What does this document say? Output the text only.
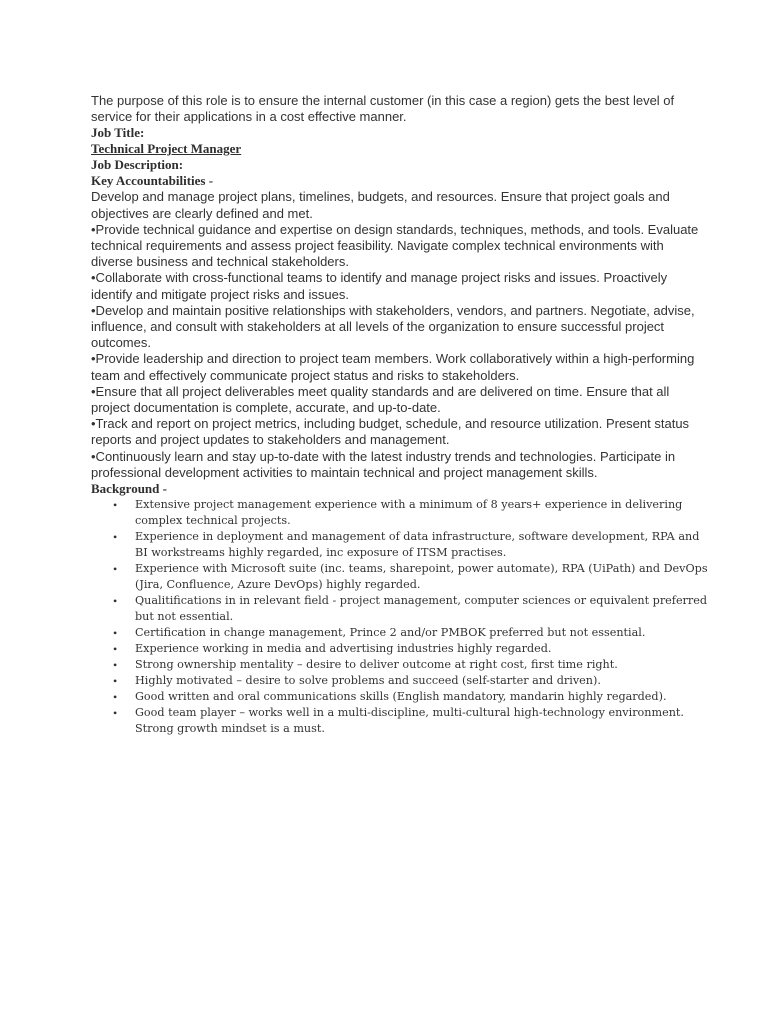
The purpose of this role is to ensure the internal customer (in this case a region) gets the best level of service for their applications in a cost effective manner.

Job Title:
Technical Project Manager
Job Description:
Key Accountabilities -

Develop and manage project plans, timelines, budgets, and resources. Ensure that project goals and objectives are clearly defined and met.

•Provide technical guidance and expertise on design standards, techniques, methods, and tools. Evaluate technical requirements and assess project feasibility. Navigate complex technical environments with diverse business and technical stakeholders.

•Collaborate with cross-functional teams to identify and manage project risks and issues. Proactively identify and mitigate project risks and issues.

•Develop and maintain positive relationships with stakeholders, vendors, and partners. Negotiate, advise, influence, and consult with stakeholders at all levels of the organization to ensure successful project outcomes.

•Provide leadership and direction to project team members. Work collaboratively within a high-performing team and effectively communicate project status and risks to stakeholders.

•Ensure that all project deliverables meet quality standards and are delivered on time. Ensure that all project documentation is complete, accurate, and up-to-date.

•Track and report on project metrics, including budget, schedule, and resource utilization. Present status reports and project updates to stakeholders and management.

•Continuously learn and stay up-to-date with the latest industry trends and technologies. Participate in professional development activities to maintain technical and project management skills.

Background -
• Extensive project management experience with a minimum of 8 years+ experience in delivering complex technical projects.
• Experience in deployment and management of data infrastructure, software development, RPA and BI workstreams highly regarded, inc exposure of ITSM practises.
• Experience with Microsoft suite (inc. teams, sharepoint, power automate), RPA (UiPath) and DevOps (Jira, Confluence, Azure DevOps) highly regarded.
• Qualitifications in in relevant field - project management, computer sciences or equivalent preferred but not essential.
• Certification in change management, Prince 2 and/or PMBOK preferred but not essential.
• Experience working in media and advertising industries highly regarded.
• Strong ownership mentality – desire to deliver outcome at right cost, first time right.
• Highly motivated – desire to solve problems and succeed (self-starter and driven).
• Good written and oral communications skills (English mandatory, mandarin highly regarded).
• Good team player – works well in a multi-discipline, multi-cultural high-technology environment. Strong growth mindset is a must.
